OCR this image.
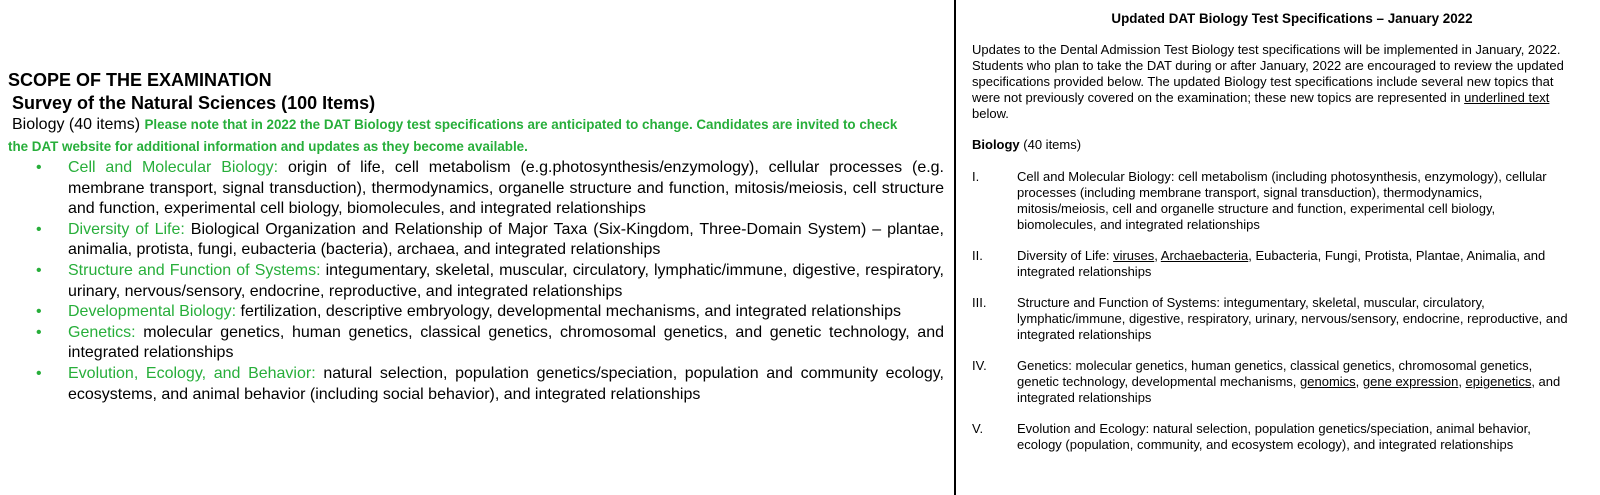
SCOPE OF THE EXAMINATION
Survey of the Natural Sciences (100 Items)
Biology (40 items) Please note that in 2022 the DAT Biology test specifications are anticipated to change. Candidates are invited to check
the DAT website for additional information and updates as they become available.
• Cell and Molecular Biology: origin of life, cell metabolism (e.g.photosynthesis/enzymology), cellular processes (e.g. membrane transport, signal transduction), thermodynamics, organelle structure and function, mitosis/meiosis, cell structure and function, experimental cell biology, biomolecules, and integrated relationships
• Diversity of Life: Biological Organization and Relationship of Major Taxa (Six-Kingdom, Three-Domain System) – plantae, animalia, protista, fungi, eubacteria (bacteria), archaea, and integrated relationships
• Structure and Function of Systems: integumentary, skeletal, muscular, circulatory, lymphatic/immune, digestive, respiratory, urinary, nervous/sensory, endocrine, reproductive, and integrated relationships
• Developmental Biology: fertilization, descriptive embryology, developmental mechanisms, and integrated relationships
• Genetics: molecular genetics, human genetics, classical genetics, chromosomal genetics, and genetic technology, and integrated relationships
• Evolution, Ecology, and Behavior: natural selection, population genetics/speciation, population and community ecology, ecosystems, and animal behavior (including social behavior), and integrated relationships
Updated DAT Biology Test Specifications – January 2022
Updates to the Dental Admission Test Biology test specifications will be implemented in January, 2022. Students who plan to take the DAT during or after January, 2022 are encouraged to review the updated specifications provided below. The updated Biology test specifications include several new topics that were not previously covered on the examination; these new topics are represented in underlined text below.
Biology (40 items)
I.	Cell and Molecular Biology: cell metabolism (including photosynthesis, enzymology), cellular processes (including membrane transport, signal transduction), thermodynamics, mitosis/meiosis, cell and organelle structure and function, experimental cell biology, biomolecules, and integrated relationships
II.	Diversity of Life: viruses, Archaebacteria, Eubacteria, Fungi, Protista, Plantae, Animalia, and integrated relationships
III. Structure and Function of Systems: integumentary, skeletal, muscular, circulatory, lymphatic/immune, digestive, respiratory, urinary, nervous/sensory, endocrine, reproductive, and integrated relationships
IV. Genetics: molecular genetics, human genetics, classical genetics, chromosomal genetics, genetic technology, developmental mechanisms, genomics, gene expression, epigenetics, and integrated relationships
V.	Evolution and Ecology: natural selection, population genetics/speciation, animal behavior, ecology (population, community, and ecosystem ecology), and integrated relationships
